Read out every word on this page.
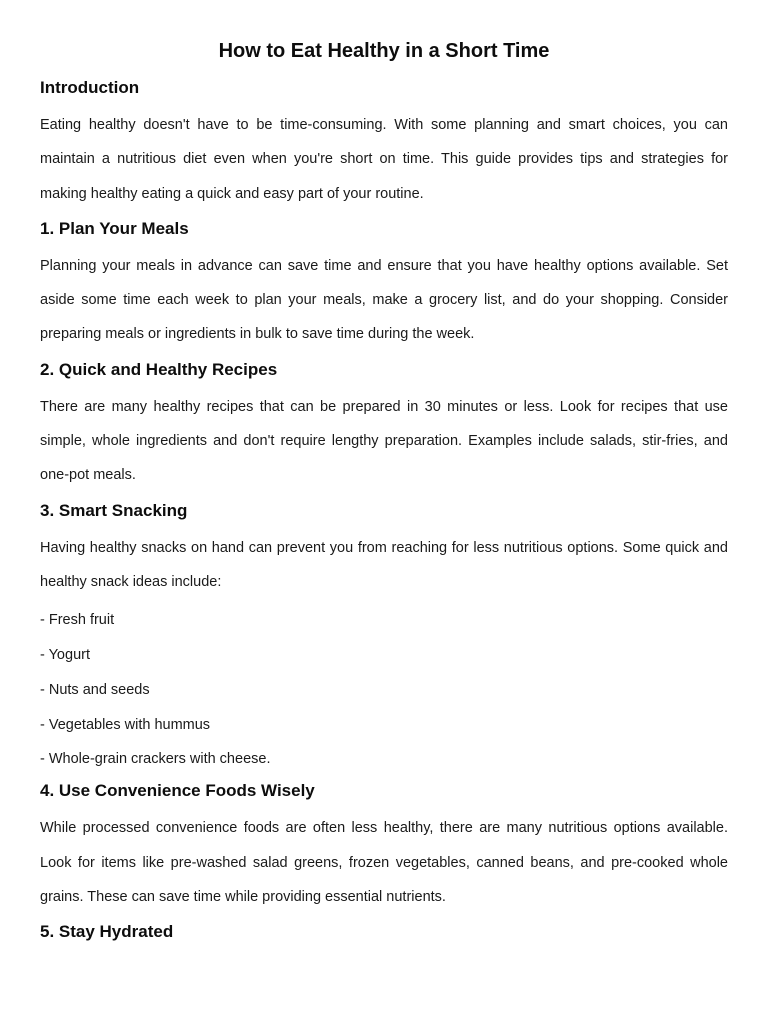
How to Eat Healthy in a Short Time
Introduction

Eating healthy doesn't have to be time-consuming. With some planning and smart choices, you can maintain a nutritious diet even when you're short on time. This guide provides tips and strategies for making healthy eating a quick and easy part of your routine.

1. Plan Your Meals

Planning your meals in advance can save time and ensure that you have healthy options available. Set aside some time each week to plan your meals, make a grocery list, and do your shopping. Consider preparing meals or ingredients in bulk to save time during the week.

2. Quick and Healthy Recipes

There are many healthy recipes that can be prepared in 30 minutes or less. Look for recipes that use simple, whole ingredients and don't require lengthy preparation. Examples include salads, stir-fries, and one-pot meals.

3. Smart Snacking

Having healthy snacks on hand can prevent you from reaching for less nutritious options. Some quick and healthy snack ideas include:

- Fresh fruit
- Yogurt
- Nuts and seeds
- Vegetables with hummus
- Whole-grain crackers with cheese.
4. Use Convenience Foods Wisely

While processed convenience foods are often less healthy, there are many nutritious options available. Look for items like pre-washed salad greens, frozen vegetables, canned beans, and pre-cooked whole grains. These can save time while providing essential nutrients.

5. Stay Hydrated
